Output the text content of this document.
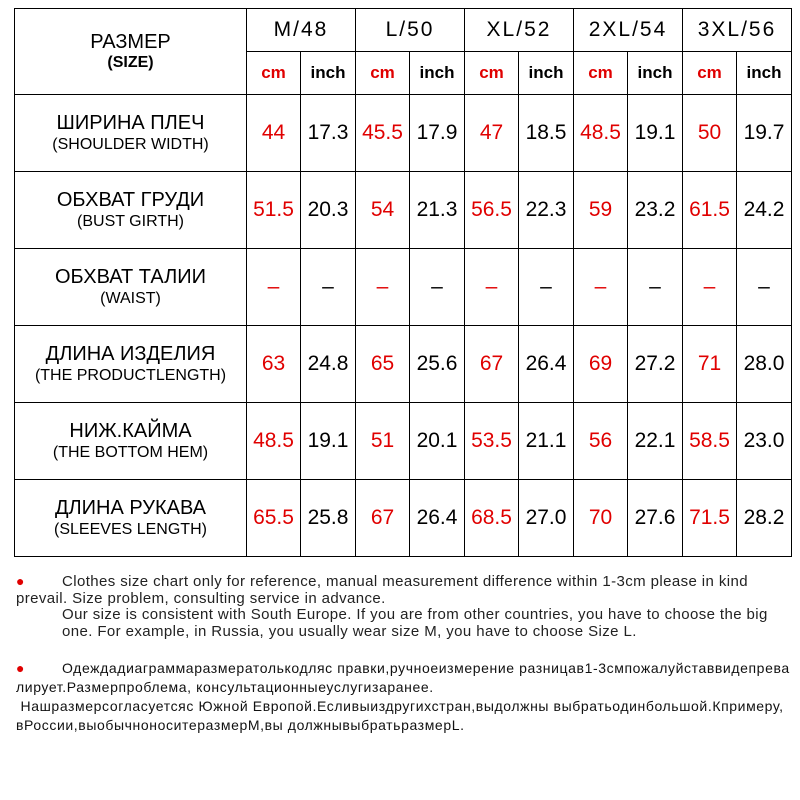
РАЗМЕР
(SIZE)	M/48		L/50		XL/52		2XL/54		3XL/56	
	cm	inch	cm	inch	cm	inch	cm	inch	cm	inch

ШИРИНА ПЛЕЧ
(SHOULDER WIDTH)	44	17.3	45.5	17.9	47	18.5	48.5	19.1	50	19.7

ОБХВАТ ГРУДИ
(BUST GIRTH)	51.5	20.3	54	21.3	56.5	22.3	59	23.2	61.5	24.2

ОБХВАТ ТАЛИИ
(WAIST)	–	–	–	–	–	–	–	–	–	–

ДЛИНА ИЗДЕЛИЯ
(THE PRODUCTLENGTH)	63	24.8	65	25.6	67	26.4	69	27.2	71	28.0

НИЖ.КАЙМА
(THE BOTTOM HEM)	48.5	19.1	51	20.1	53.5	21.1	56	22.1	58.5	23.0

ДЛИНА РУКАВА
(SLEEVES LENGTH)	65.5	25.8	67	26.4	68.5	27.0	70	27.6	71.5	28.2
● Clothes size chart only for reference, manual measurement difference within 1-3cm please in kind prevail. Size problem, consulting service in advance.
Our size is consistent with South Europe. If you are from other countries, you have to choose the big one. For example, in Russia, you usually wear size M, you have to choose Size L.
●	Одеждадиаграммаразмератолькодляс правки,ручноеизмерение разницав1-3смпожалуйставвидепревалирует.Размерпроблема, консультационныеуслугизаранее.
Нашразмерсогласуетсяс Южной Европой.Есливыиздругихстран,выдолжны выбратьодинбольшой.Кпримеру,вРоссии,выобычноноситеразмерМ,вы должнывыбратьразмерL.
